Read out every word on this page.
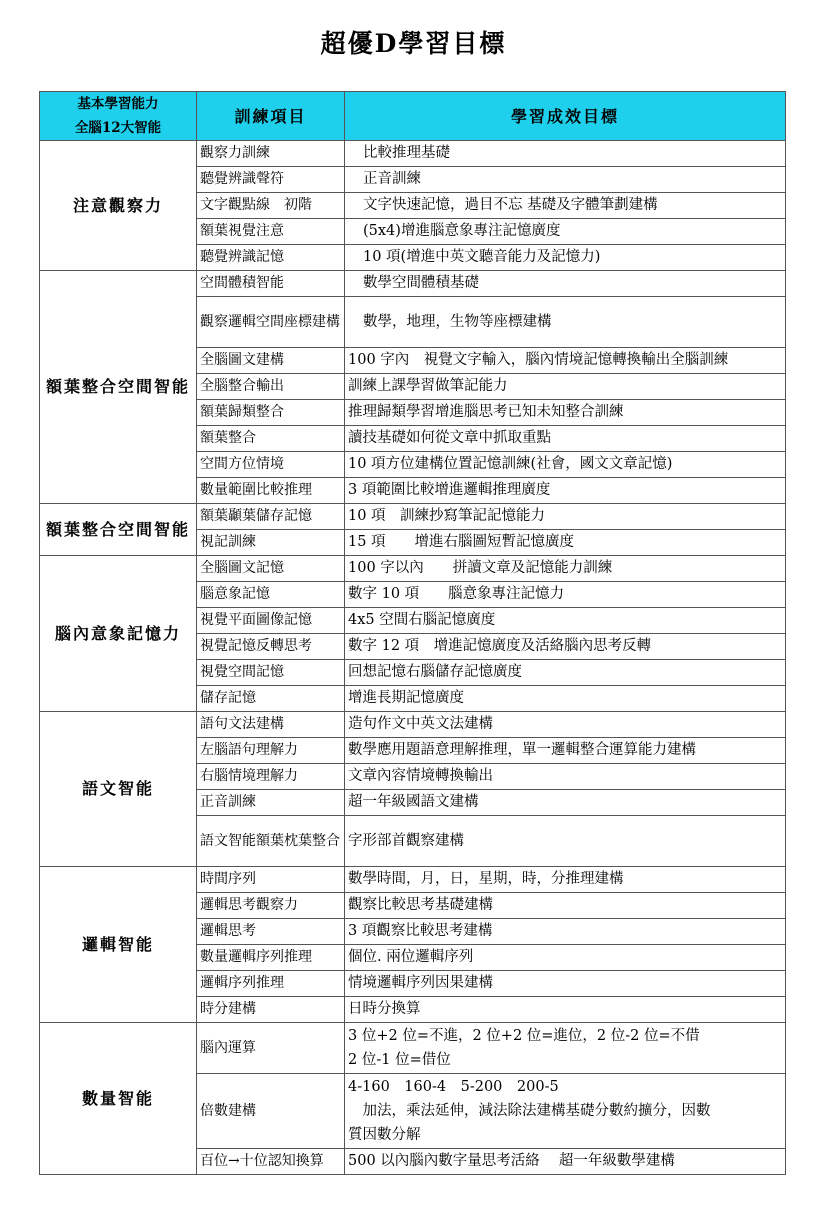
超優D學習目標
基本學習能力
全腦12大智能	訓練項目	學習成效目標
注意觀察力	觀察力訓練	比較推理基礎
	聽覺辨識聲符	正音訓練
	文字觀點線　初階	文字快速記憶，過目不忘 基礎及字體筆劃建構
	額葉視覺注意	(5x4)增進腦意象專注記憶廣度
	聽覺辨識記憶	10 項(增進中英文聽音能力及記憶力)
額葉整合空間智能	空間體積智能	數學空間體積基礎
	觀察邏輯空間座標建構	數學，地理，生物等座標建構
	全腦圖文建構	100 字內　視覺文字輸入，腦內情境記憶轉換輸出全腦訓練
	全腦整合輸出	訓練上課學習做筆記能力
	額葉歸類整合	推理歸類學習增進腦思考已知未知整合訓練
	額葉整合	讀技基礎如何從文章中抓取重點
	空間方位情境	10 項方位建構位置記憶訓練(社會，國文文章記憶)
	數量範圍比較推理	3 項範圍比較增進邏輯推理廣度
額葉整合空間智能	額葉顳葉儲存記憶	10 項　訓練抄寫筆記記憶能力
	視記訓練	15 項　　增進右腦圖短暫記憶廣度
腦內意象記憶力	全腦圖文記憶	100 字以內　　拼讀文章及記憶能力訓練
	腦意象記憶	數字 10 項　　腦意象專注記憶力
	視覺平面圖像記憶	4x5 空間右腦記憶廣度
	視覺記憶反轉思考	數字 12 項　增進記憶廣度及活絡腦內思考反轉
	視覺空間記憶	回想記憶右腦儲存記憶廣度
	儲存記憶	增進長期記憶廣度
語文智能	語句文法建構	造句作文中英文法建構
	左腦語句理解力	數學應用題語意理解推理，單一邏輯整合運算能力建構
	右腦情境理解力	文章內容情境轉換輸出
	正音訓練	超一年級國語文建構
	語文智能額葉枕葉整合	字形部首觀察建構
邏輯智能	時間序列	數學時間，月，日，星期，時，分推理建構
	邏輯思考觀察力	觀察比較思考基礎建構
	邏輯思考	3 項觀察比較思考建構
	數量邏輯序列推理	個位. 兩位邏輯序列
	邏輯序列推理	情境邏輯序列因果建構
	時分建構	日時分換算
數量智能	腦內運算	3 位+2 位=不進，2 位+2 位=進位，2 位-2 位=不借
2 位-1 位=借位

	倍數建構	4-160　160-4　5-200　200-5
　加法，乘法延伸，減法除法建構基礎分數約擴分，因數
質因數分解

	百位→十位認知換算	500 以內腦內數字量思考活絡　 超一年級數學建構
